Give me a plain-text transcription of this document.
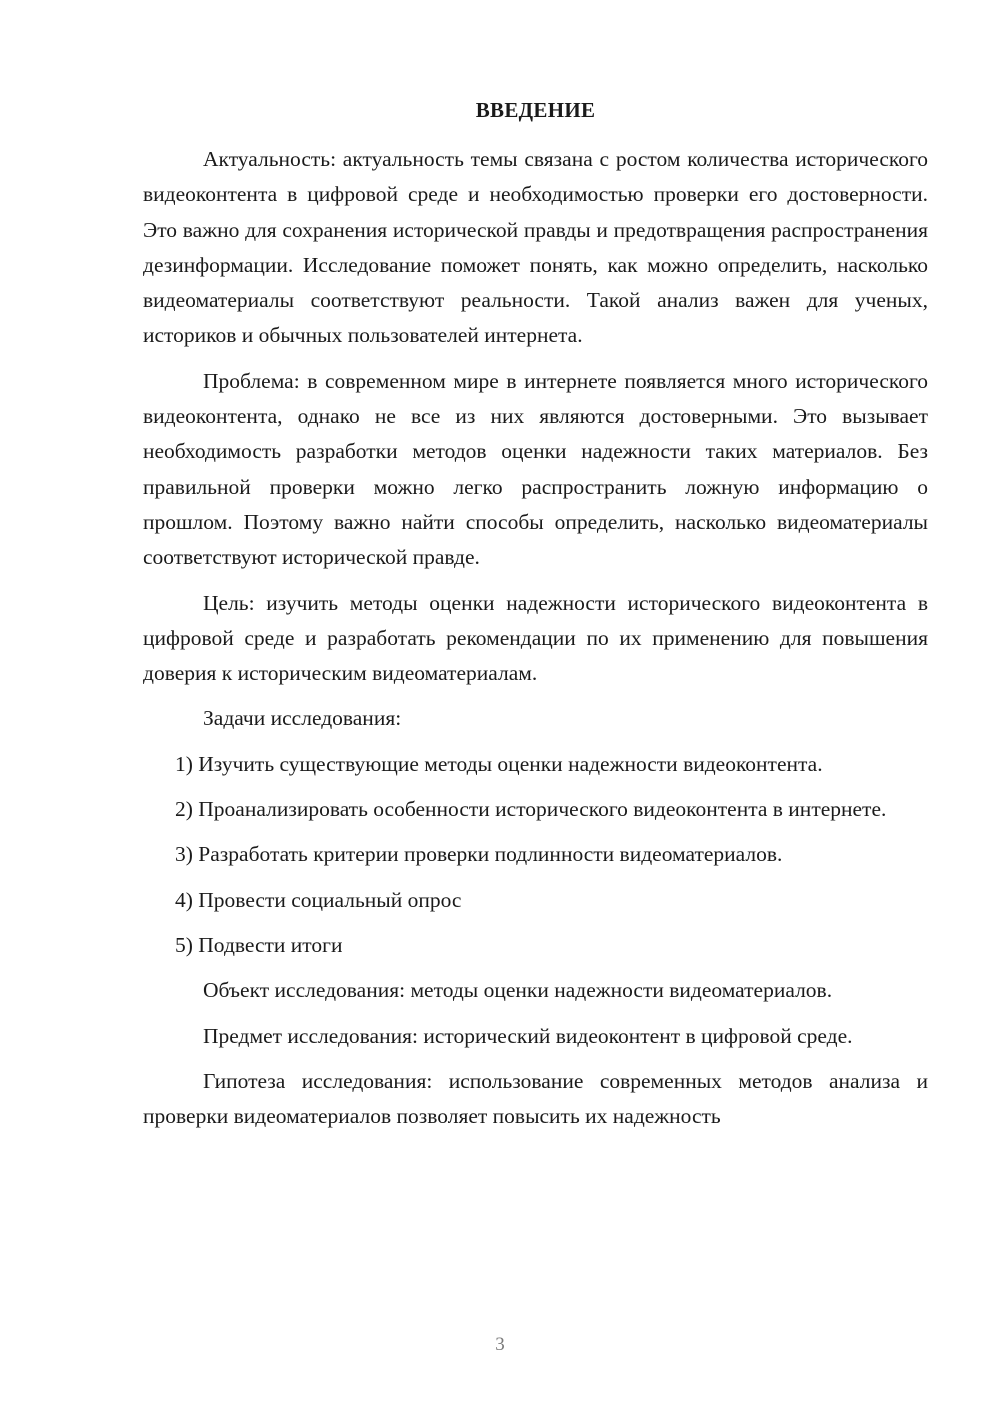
ВВЕДЕНИЕ

Актуальность: актуальность темы связана с ростом количества исторического видеоконтента в цифровой среде и необходимостью проверки его достоверности. Это важно для сохранения исторической правды и предотвращения распространения дезинформации. Исследование поможет понять, как можно определить, насколько видеоматериалы соответствуют реальности. Такой анализ важен для ученых, историков и обычных пользователей интернета.

Проблема: в современном мире в интернете появляется много исторического видеоконтента, однако не все из них являются достоверными. Это вызывает необходимость разработки методов оценки надежности таких материалов. Без правильной проверки можно легко распространить ложную информацию о прошлом. Поэтому важно найти способы определить, насколько видеоматериалы соответствуют исторической правде.

Цель: изучить методы оценки надежности исторического видеоконтента в цифровой среде и разработать рекомендации по их применению для повышения доверия к историческим видеоматериалам.

Задачи исследования:

1) Изучить существующие методы оценки надежности видеоконтента.

2) Проанализировать особенности исторического видеоконтента в интернете.

3) Разработать критерии проверки подлинности видеоматериалов.

4) Провести социальный опрос

5) Подвести итоги

Объект исследования: методы оценки надежности видеоматериалов.

Предмет исследования: исторический видеоконтент в цифровой среде.

Гипотеза исследования: использование современных методов анализа и проверки видеоматериалов позволяет повысить их надежность

3
